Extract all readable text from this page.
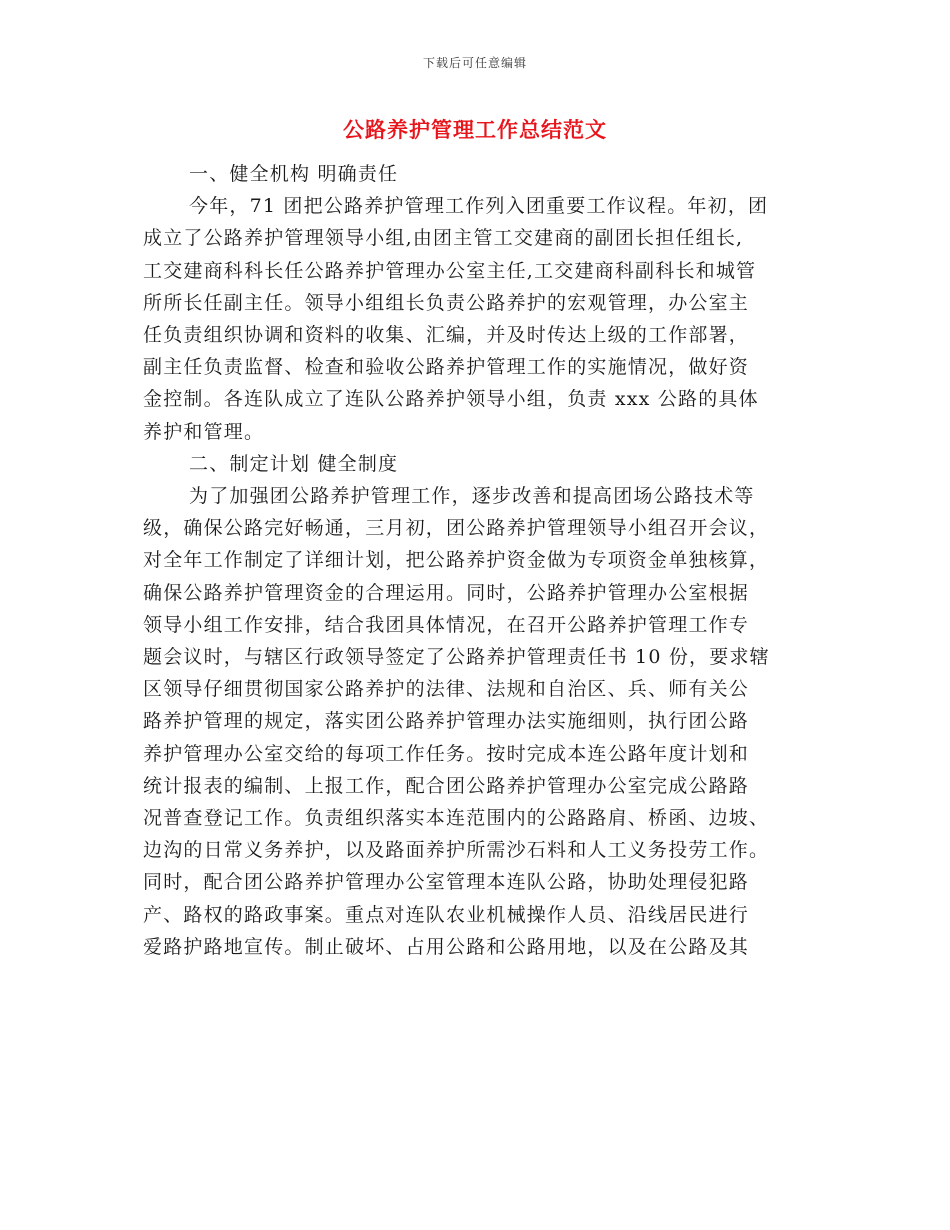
下载后可任意编辑
公路养护管理工作总结范文

一、健全机构 明确责任

今年，71 团把公路养护管理工作列入团重要工作议程。年初，团

成立了公路养护管理领导小组,由团主管工交建商的副团长担任组长,

工交建商科科长任公路养护管理办公室主任,工交建商科副科长和城管

所所长任副主任。领导小组组长负责公路养护的宏观管理，办公室主

任负责组织协调和资料的收集、汇编，并及时传达上级的工作部署，

副主任负责监督、检查和验收公路养护管理工作的实施情况，做好资

金控制。各连队成立了连队公路养护领导小组，负责 xxx 公路的具体

养护和管理。

二、制定计划 健全制度

为了加强团公路养护管理工作，逐步改善和提高团场公路技术等

级，确保公路完好畅通，三月初，团公路养护管理领导小组召开会议，

对全年工作制定了详细计划，把公路养护资金做为专项资金单独核算，

确保公路养护管理资金的合理运用。同时，公路养护管理办公室根据

领导小组工作安排，结合我团具体情况，在召开公路养护管理工作专

题会议时，与辖区行政领导签定了公路养护管理责任书 10 份，要求辖

区领导仔细贯彻国家公路养护的法律、法规和自治区、兵、师有关公

路养护管理的规定，落实团公路养护管理办法实施细则，执行团公路

养护管理办公室交给的每项工作任务。按时完成本连公路年度计划和

统计报表的编制、上报工作，配合团公路养护管理办公室完成公路路

况普查登记工作。负责组织落实本连范围内的公路路肩、桥函、边坡、

边沟的日常义务养护，以及路面养护所需沙石料和人工义务投劳工作。

同时，配合团公路养护管理办公室管理本连队公路，协助处理侵犯路

产、路权的路政事案。重点对连队农业机械操作人员、沿线居民进行

爱路护路地宣传。制止破坏、占用公路和公路用地，以及在公路及其
